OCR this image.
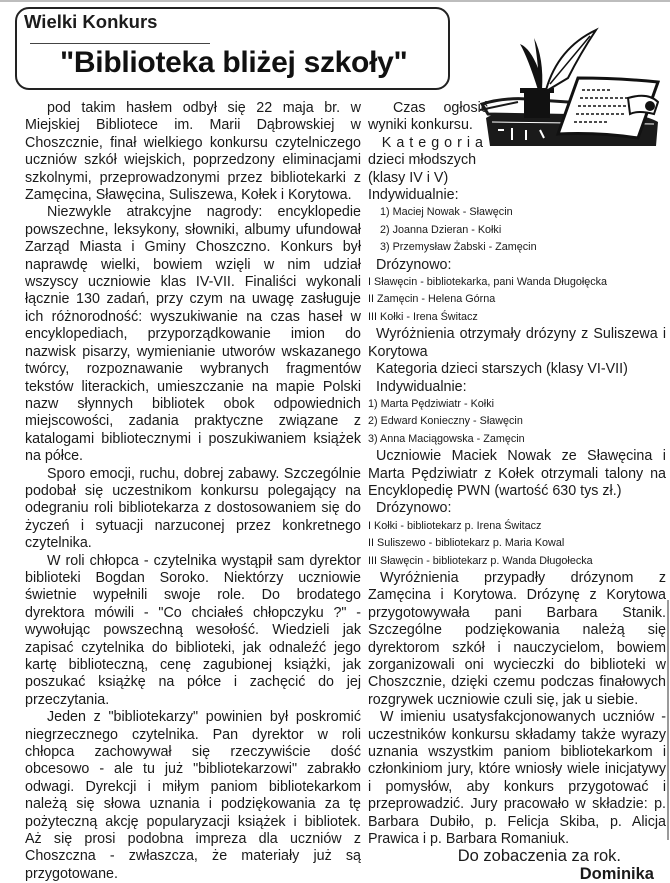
Wielki Konkurs
"Biblioteka bliżej szkoły"

pod takim hasłem odbył się 22 maja br. w Miejskiej Bibliotece im. Marii Dąbrowskiej w Choszcznie, finał wielkiego konkursu czytelniczego uczniów szkół wiejskich, poprzedzony eliminacjami szkolnymi, przeprowadzonymi przez bibliotekarki z Zamęcina, Sławęcina, Suliszewa, Kołek i Korytowa.

Niezwykle atrakcyjne nagrody: encyklopedie powszechne, leksykony, słowniki, albumy ufundował Zarząd Miasta i Gminy Choszczno. Konkurs był naprawdę wielki, bowiem wzięli w nim udział wszyscy uczniowie klas IV-VII. Finaliści wykonali łącznie 130 zadań, przy czym na uwagę zasługuje ich różnorodność: wyszukiwanie na czas haseł w encyklopediach, przyporządkowanie imion do nazwisk pisarzy, wymienianie utworów wskazanego twórcy, rozpoznawanie wybranych fragmentów tekstów literackich, umieszczanie na mapie Polski nazw słynnych bibliotek obok odpowiednich miejscowości, zadania praktyczne związane z katalogami bibliotecznymi i poszukiwaniem książek na półce.

Sporo emocji, ruchu, dobrej zabawy. Szczególnie podobał się uczestnikom konkursu polegający na odegraniu roli bibliotekarza z dostosowaniem się do życzeń i sytuacji narzuconej przez konkretnego czytelnika.

W roli chłopca - czytelnika wystąpił sam dyrektor biblioteki Bogdan Soroko. Niektórzy uczniowie świetnie wypełnili swoje role. Do brodatego dyrektora mówili - "Co chciałeś chłopczyku ?" - wywołując powszechną wesołość. Wiedzieli jak zapisać czytelnika do biblioteki, jak odnaleźć jego kartę biblioteczną, cenę zagubionej książki, jak poszukać książkę na półce i zachęcić do jej przeczytania.

Jeden z "bibliotekarzy" powinien był poskromić niegrzecznego czytelnika. Pan dyrektor w roli chłopca zachowywał się rzeczywiście dość obcesowo - ale tu już "bibliotekarzowi" zabrakło odwagi. Dyrekcji i miłym paniom bibliotekarkom należą się słowa uznania i podziękowania za tę pożyteczną akcję popularyzacji książek i bibliotek. Aż się prosi podobna impreza dla uczniów z Choszczna - zwłaszcza, że materiały już są przygotowane.

Czas ogłosić

wyniki konkursu.

Kategoria

dzieci młodszych

(klasy IV i V)

Indywidualnie:

1) Maciej Nowak - Sławęcin

2) Joanna Dzieran - Kołki

3) Przemysław Żabski - Zamęcin

Drózynowo:

I Sławęcin - bibliotekarka, pani Wanda Długołęcka

II Zamęcin - Helena Górna

III Kołki - Irena Świtacz

Wyróżnienia otrzymały drózyny z Suliszewa i Korytowa

Kategoria dzieci starszych (klasy VI-VII)

Indywidualnie:

1) Marta Pędziwiatr - Kołki

2) Edward Konieczny - Sławęcin

3) Anna Maciągowska - Zamęcin

Uczniowie Maciek Nowak ze Sławęcina i Marta Pędziwiatr z Kołek otrzymali talony na Encyklopedię PWN (wartość 630 tys zł.)

Drózynowo:

I Kołki - bibliotekarz p. Irena Świtacz

II Suliszewo - bibliotekarz p. Maria Kowal

III Sławęcin - bibliotekarz p. Wanda Długołecka

Wyróżnienia przypadły drózynom z Zamęcina i Korytowa. Drózynę z Korytowa przygotowywała pani Barbara Stanik. Szczególne podziękowania należą się dyrektorom szkół i nauczycielom, bowiem zorganizowali oni wycieczki do biblioteki w Choszcznie, dzięki czemu podczas finałowych rozgrywek uczniowie czuli się, jak u siebie.

W imieniu usatysfakcjonowanych uczniów - uczestników konkursu składamy także wyrazy uznania wszystkim paniom bibliotekarkom i członkiniom jury, które wniosły wiele inicjatywy i pomysłów, aby konkurs przygotować i przeprowadzić. Jury pracowało w składzie: p. Barbara Dubiło, p. Felicja Skiba, p. Alicja Prawica i p. Barbara Romaniuk.

Do zobaczenia za rok.

Dominika
